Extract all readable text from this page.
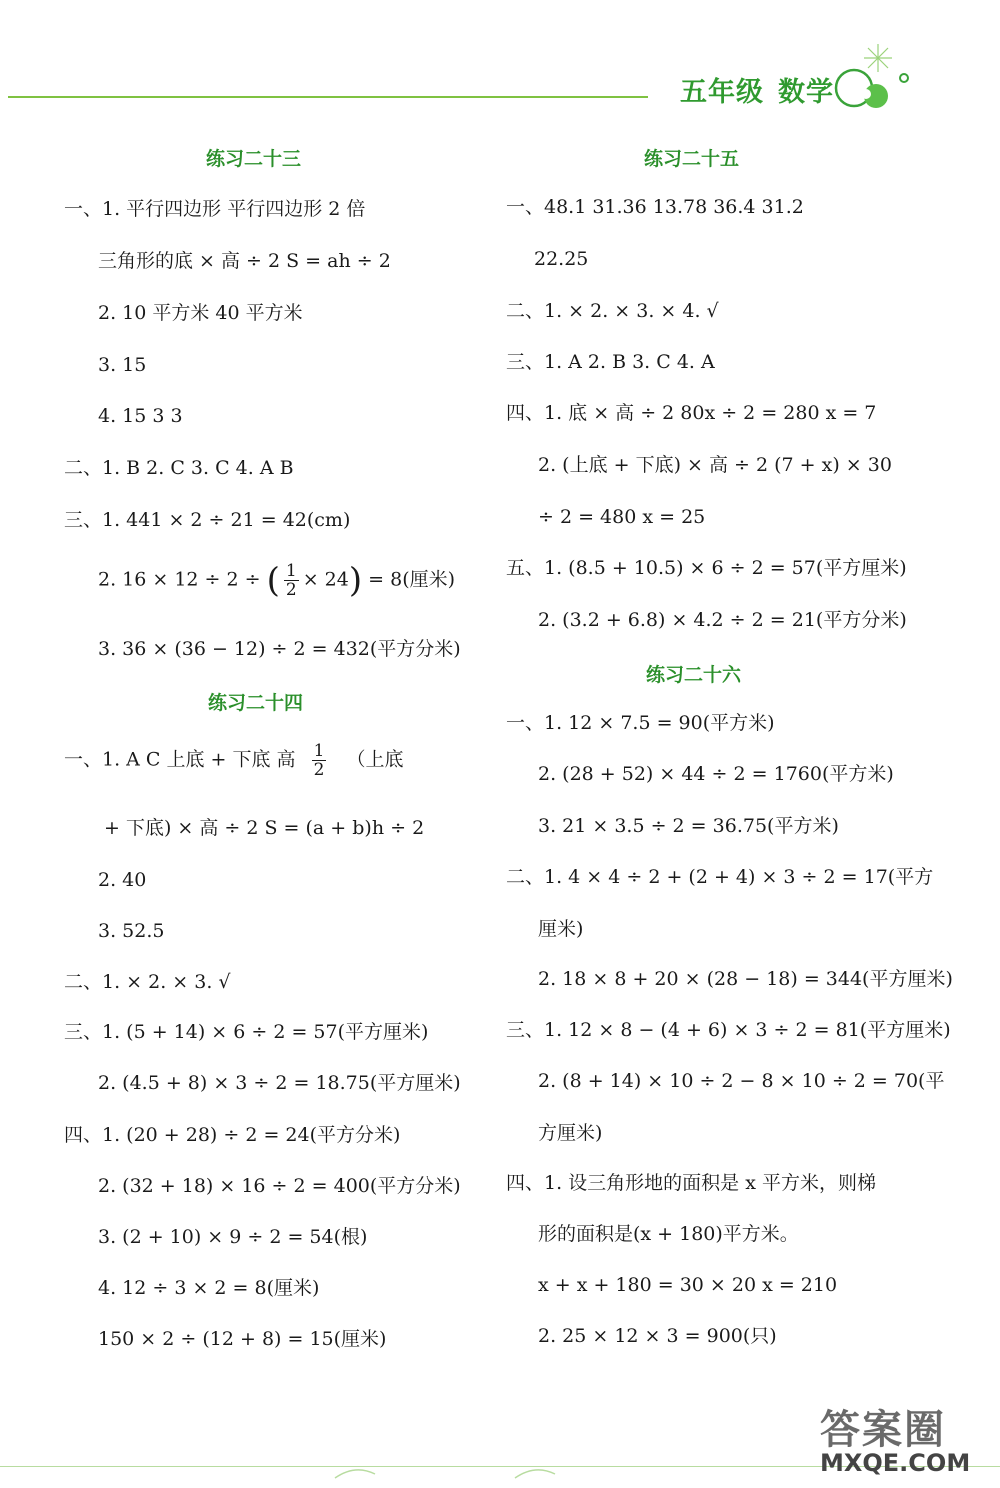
五年级 数学
练习二十三
一、1. 平行四边形 平行四边形 2 倍
三角形的底 × 高 ÷ 2 S = ah ÷ 2
2. 10 平方米 40 平方米
3. 15
4. 15 3 3
二、1. B 2. C 3. C 4. A B
三、1. 441 × 2 ÷ 21 = 42(cm)
2. 16 × 12 ÷ 2 ÷ ( $\frac{1}{2} \times 24) = 8$(厘米)
3. 36 × (36 − 12) ÷ 2 = 432(平方分米)
练习二十四
一、1. A C 上底 + 下底 高 $\frac{1}{2}$ （上底
+ 下底) × 高 ÷ 2 S = (a + b)h ÷ 2
2. 40
3. 52.5
二、1. × 2. × 3. √
三、1. (5 + 14) × 6 ÷ 2 = 57(平方厘米)
2. (4.5 + 8) × 3 ÷ 2 = 18.75(平方厘米)
四、1. (20 + 28) ÷ 2 = 24(平方分米)
2. (32 + 18) × 16 ÷ 2 = 400(平方分米)
3. (2 + 10) × 9 ÷ 2 = 54(根)
4. 12 ÷ 3 × 2 = 8(厘米)
150 × 2 ÷ (12 + 8) = 15(厘米)
练习二十五
一、48.1 31.36 13.78 36.4 31.2
22.25
二、1. × 2. × 3. × 4. √
三、1. A 2. B 3. C 4. A
四、1. 底 × 高 ÷ 2 80x ÷ 2 = 280 x = 7
2. (上底 + 下底) × 高 ÷ 2 (7 + x) × 30
÷ 2 = 480 x = 25
五、1. (8.5 + 10.5) × 6 ÷ 2 = 57(平方厘米)
2. (3.2 + 6.8) × 4.2 ÷ 2 = 21(平方分米)
练习二十六
一、1. 12 × 7.5 = 90(平方米)
2. (28 + 52) × 44 ÷ 2 = 1760(平方米)
3. 21 × 3.5 ÷ 2 = 36.75(平方米)
二、1. 4 × 4 ÷ 2 + (2 + 4) × 3 ÷ 2 = 17(平方
厘米)
2. 18 × 8 + 20 × (28 − 18) = 344(平方厘米)
三、1. 12 × 8 − (4 + 6) × 3 ÷ 2 = 81(平方厘米)
2. (8 + 14) × 10 ÷ 2 − 8 × 10 ÷ 2 = 70(平
方厘米)
四、1. 设三角形地的面积是 x 平方米，则梯
形的面积是(x + 180)平方米。
x + x + 180 = 30 × 20 x = 210
2. 25 × 12 × 3 = 900(只)
答案圈
MXQE.COM
